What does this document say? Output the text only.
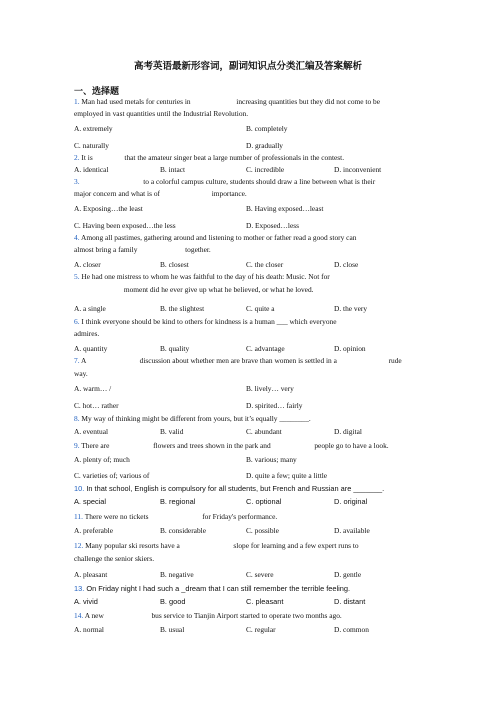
高考英语最新形容词，副词知识点分类汇编及答案解析
一、选择题
1. Man had used metals for centuries in	increasing quantities but they did not come to be
employed in vast quantities until the Industrial Revolution.
A. extremely	B. completely
C. naturally	D. gradually
2. It is	that the amateur singer beat a large number of professionals in the contest.
A. identical	B. intact	C. incredible	D. inconvenient
3.	to a colorful campus culture, students should draw a line between what is their
major concern and what is of	importance.
A. Exposing…the least	B. Having exposed…least
C. Having been exposed…the less	D. Exposed…less
4. Among all pastimes, gathering around and listening to mother or father read a good story can
almost bring a family	together.
A. closer	B. closest	C. the closer	D. close
5. He had one mistress to whom he was faithful to the day of his death: Music. Not for
moment did he ever give up what he believed, or what he loved.
A. a single	B. the slightest	C. quite a	D. the very
6. I think everyone should be kind to others for kindness is a human ___ which everyone
admires.
A. quantity	B. quality	C. advantage	D. opinion
7. A	discussion about whether men are brave than women is settled in a	rude
way.
A. warm… /	B. lively… very
C. hot… rather	D. spirited… fairly
8. My way of thinking might be different from yours, but it’s equally ________.
A. eventual	B. valid	C. abundant	D. digital
9. There are	flowers and trees shown in the park and	people go to have a look.
A. plenty of; much	B. various; many
C. varieties of; various of	D. quite a few; quite a little
10. In that school, English is compulsory for all students, but French and Russian are _______.
A. special	B. regional	C. optional	D. original
11. There were no tickets	for Friday's performance.
A. preferable	B. considerable	C. possible	D. available
12. Many popular ski resorts have a	slope for learning and a few expert runs to
challenge the senior skiers.
A. pleasant	B. negative	C. severe	D. gentle
13. On Friday night I had such a _dream that I can still remember the terrible feeling.
A. vivid	B. good	C. pleasant	D. distant
14. A new	bus service to Tianjin Airport started to operate two months ago.
A. normal	B. usual	C. regular	D. common
